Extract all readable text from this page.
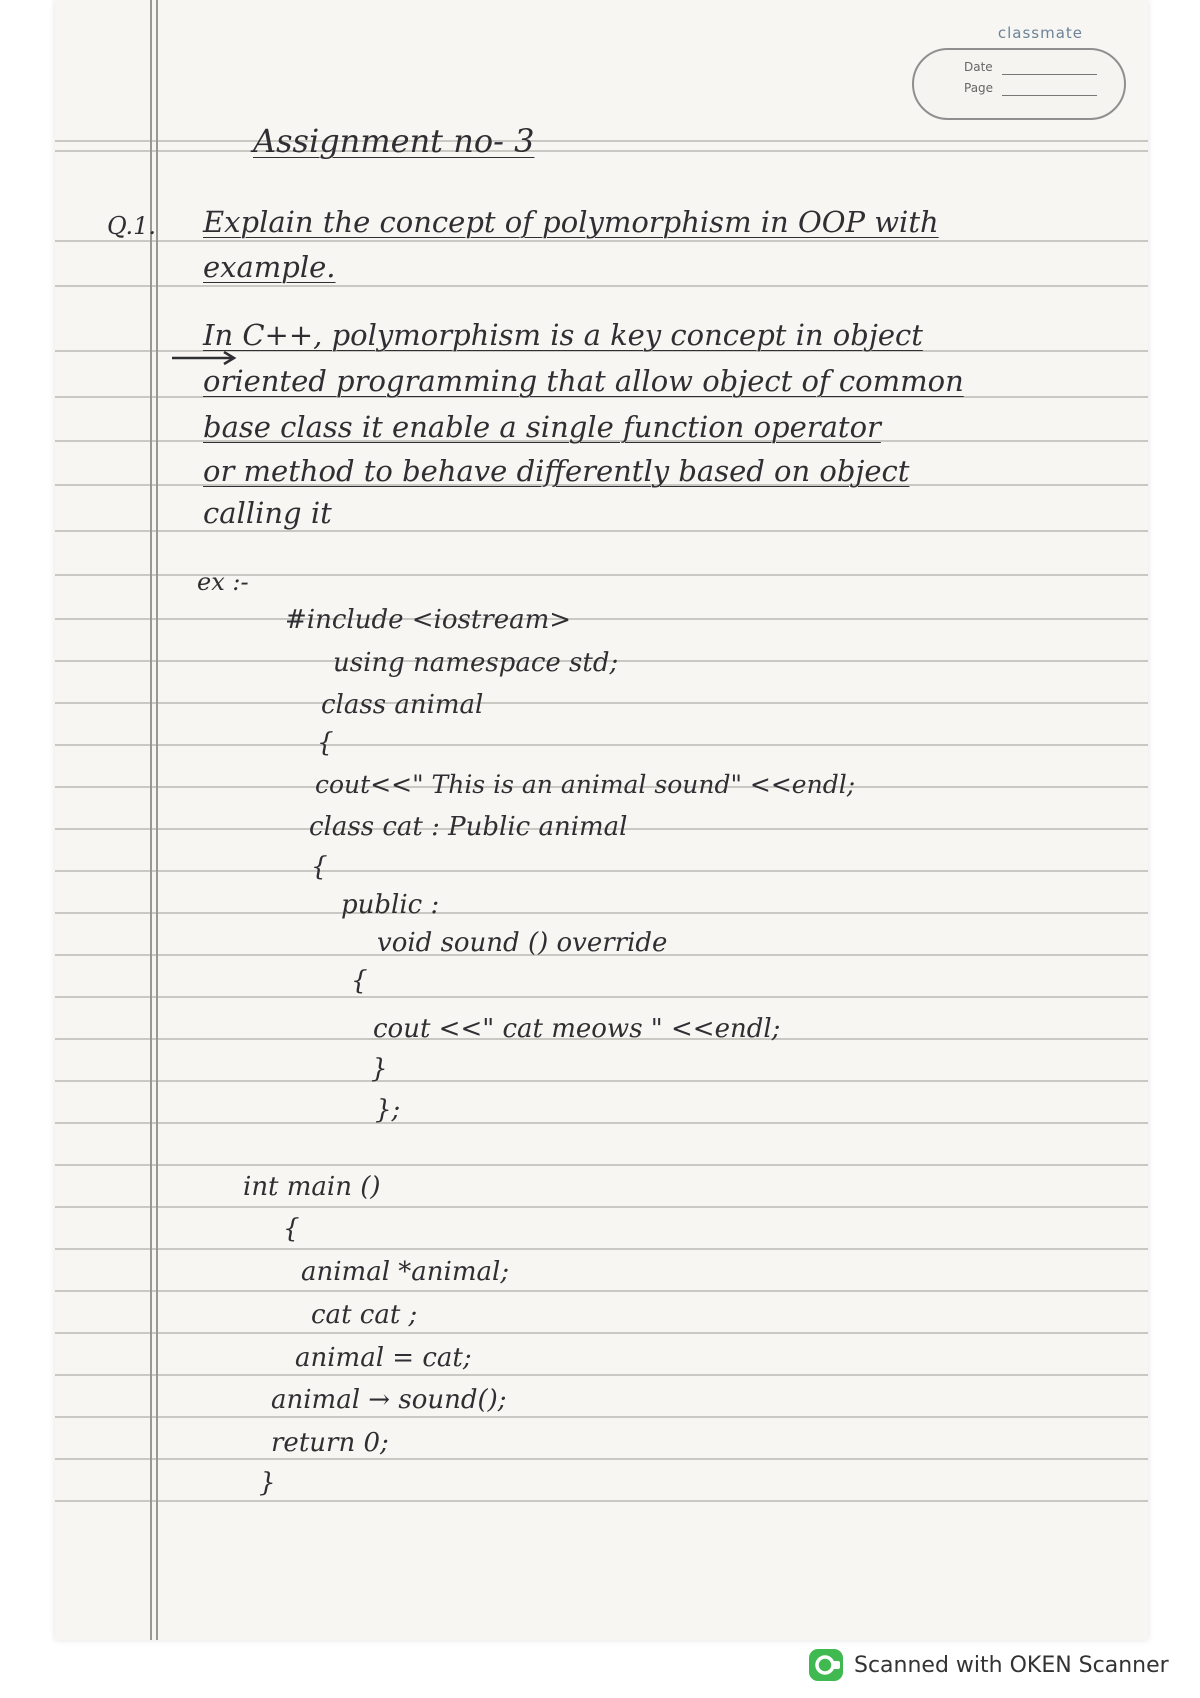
classmate
Date
Page
Assignment no- 3
Q.1. Explain the concept of polymorphism in OOP with
example.
In C++, polymorphism is a key concept in object
oriented programming that allow object of common
base class it enable a single function operator
or method to behave differently based on object
calling it
ex :-
#include <iostream>
using namespace std;
class animal
{
cout<<" This is an animal sound" <<endl;
class cat : Public animal
{
public :
void sound () override
{
cout <<" cat meows " <<endl;
}
};
int main ()
{
animal *animal;
cat cat ;
animal = cat;
animal → sound();
return 0;
}
Scanned with OKEN Scanner
